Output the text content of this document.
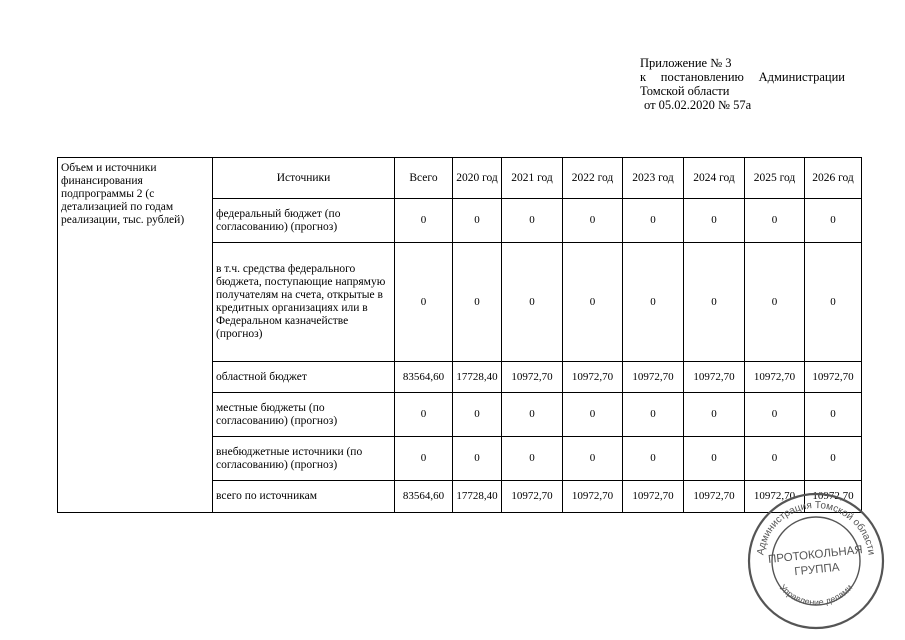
Приложение № 3
к постановлению Администрации
Томской области
от 05.02.2020 № 57а
Объем и источники финансирования подпрограммы 2 (с детализацией по годам реализации, тыс. рублей)	Источники	Всего	2020 год	2021 год	2022 год	2023 год	2024 год	2025 год	2026 год
	федеральный бюджет (по согласованию) (прогноз)	0	0	0	0	0	0	0	0
	в т.ч. средства федерального бюджета, поступающие напрямую получателям на счета, открытые в кредитных организациях или в Федеральном казначействе (прогноз)	0	0	0	0	0	0	0	0
	областной бюджет	83564,60	17728,40	10972,70	10972,70	10972,70	10972,70	10972,70	10972,70
	местные бюджеты (по согласованию) (прогноз)	0	0	0	0	0	0	0	0
	внебюджетные источники (по согласованию) (прогноз)	0	0	0	0	0	0	0	0
	всего по источникам	83564,60	17728,40	10972,70	10972,70	10972,70	10972,70	10972,70	10972,70
Администрация Томской области
Управление делами
ПРОТОКОЛЬНАЯ
ГРУППА
